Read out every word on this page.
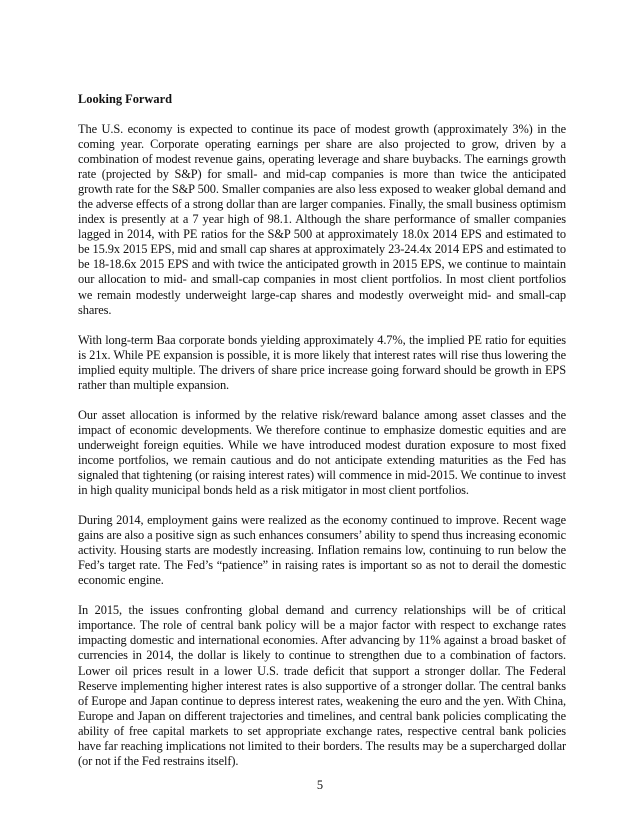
Looking Forward

The U.S. economy is expected to continue its pace of modest growth (approximately 3%) in the coming year. Corporate operating earnings per share are also projected to grow, driven by a combination of modest revenue gains, operating leverage and share buybacks. The earnings growth rate (projected by S&P) for small- and mid-cap companies is more than twice the anticipated growth rate for the S&P 500. Smaller companies are also less exposed to weaker global demand and the adverse effects of a strong dollar than are larger companies. Finally, the small business optimism index is presently at a 7 year high of 98.1. Although the share performance of smaller companies lagged in 2014, with PE ratios for the S&P 500 at approximately 18.0x 2014 EPS and estimated to be 15.9x 2015 EPS, mid and small cap shares at approximately 23-24.4x 2014 EPS and estimated to be 18-18.6x 2015 EPS and with twice the anticipated growth in 2015 EPS, we continue to maintain our allocation to mid- and small-cap companies in most client portfolios. In most client portfolios we remain modestly underweight large-cap shares and modestly overweight mid- and small-cap shares.

With long-term Baa corporate bonds yielding approximately 4.7%, the implied PE ratio for equities is 21x. While PE expansion is possible, it is more likely that interest rates will rise thus lowering the implied equity multiple. The drivers of share price increase going forward should be growth in EPS rather than multiple expansion.

Our asset allocation is informed by the relative risk/reward balance among asset classes and the impact of economic developments. We therefore continue to emphasize domestic equities and are underweight foreign equities. While we have introduced modest duration exposure to most fixed income portfolios, we remain cautious and do not anticipate extending maturities as the Fed has signaled that tightening (or raising interest rates) will commence in mid-2015. We continue to invest in high quality municipal bonds held as a risk mitigator in most client portfolios.

During 2014, employment gains were realized as the economy continued to improve. Recent wage gains are also a positive sign as such enhances consumers’ ability to spend thus increasing economic activity. Housing starts are modestly increasing. Inflation remains low, continuing to run below the Fed’s target rate. The Fed’s “patience” in raising rates is important so as not to derail the domestic economic engine.

In 2015, the issues confronting global demand and currency relationships will be of critical importance. The role of central bank policy will be a major factor with respect to exchange rates impacting domestic and international economies. After advancing by 11% against a broad basket of currencies in 2014, the dollar is likely to continue to strengthen due to a combination of factors. Lower oil prices result in a lower U.S. trade deficit that support a stronger dollar. The Federal Reserve implementing higher interest rates is also supportive of a stronger dollar. The central banks of Europe and Japan continue to depress interest rates, weakening the euro and the yen. With China, Europe and Japan on different trajectories and timelines, and central bank policies complicating the ability of free capital markets to set appropriate exchange rates, respective central bank policies have far reaching implications not limited to their borders. The results may be a supercharged dollar (or not if the Fed restrains itself).

5
